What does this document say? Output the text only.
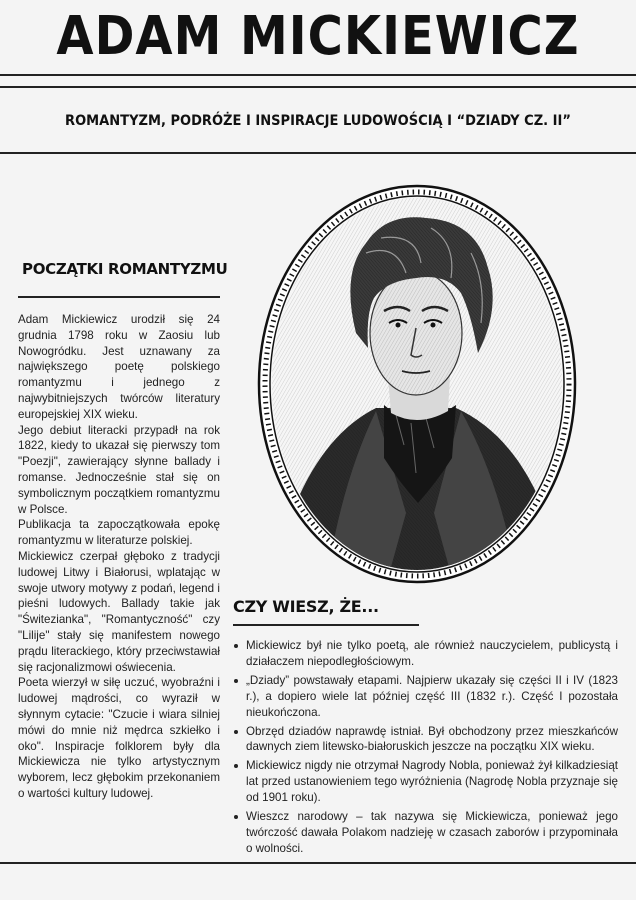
ADAM MICKIEWICZ
ROMANTYZM, PODRÓŻE I INSPIRACJE LUDOWOŚCIĄ I “DZIADY CZ. II”
POCZĄTKI ROMANTYZMU

Adam Mickiewicz urodził się 24 grudnia 1798 roku w Zaosiu lub Nowogródku. Jest uznawany za największego poetę polskiego romantyzmu i jednego z najwybitniejszych twórców literatury europejskiej XIX wieku.

Jego debiut literacki przypadł na rok 1822, kiedy to ukazał się pierwszy tom "Poezji", zawierający słynne ballady i romanse. Jednocześnie stał się on symbolicznym początkiem romantyzmu w Polsce.

Publikacja ta zapoczątkowała epokę romantyzmu w literaturze polskiej.

Mickiewicz czerpał głęboko z tradycji ludowej Litwy i Białorusi, wplatając w swoje utwory motywy z podań, legend i pieśni ludowych. Ballady takie jak "Świtezianka", "Romantyczność" czy "Lilije" stały się manifestem nowego prądu literackiego, który przeciwstawiał się racjonalizmowi oświecenia.

Poeta wierzył w siłę uczuć, wyobraźni i ludowej mądrości, co wyraził w słynnym cytacie: "Czucie i wiara silniej mówi do mnie niż mędrca szkiełko i oko". Inspiracje folklorem były dla Mickiewicza nie tylko artystycznym wyborem, lecz głębokim przekonaniem o wartości kultury ludowej.

CZY WIESZ, ŻE...
Mickiewicz był nie tylko poetą, ale również nauczycielem, publicystą i działaczem niepodległościowym.
„Dziady” powstawały etapami. Najpierw ukazały się części II i IV (1823 r.), a dopiero wiele lat później część III (1832 r.). Część I pozostała nieukończona.
Obrzęd dziadów naprawdę istniał. Był obchodzony przez mieszkańców dawnych ziem litewsko-białoruskich jeszcze na początku XIX wieku.
Mickiewicz nigdy nie otrzymał Nagrody Nobla, ponieważ żył kilkadziesiąt lat przed ustanowieniem tego wyróżnienia (Nagrodę Nobla przyznaje się od 1901 roku).
Wieszcz narodowy – tak nazywa się Mickiewicza, ponieważ jego twórczość dawała Polakom nadzieję w czasach zaborów i przypominała o wolności.
